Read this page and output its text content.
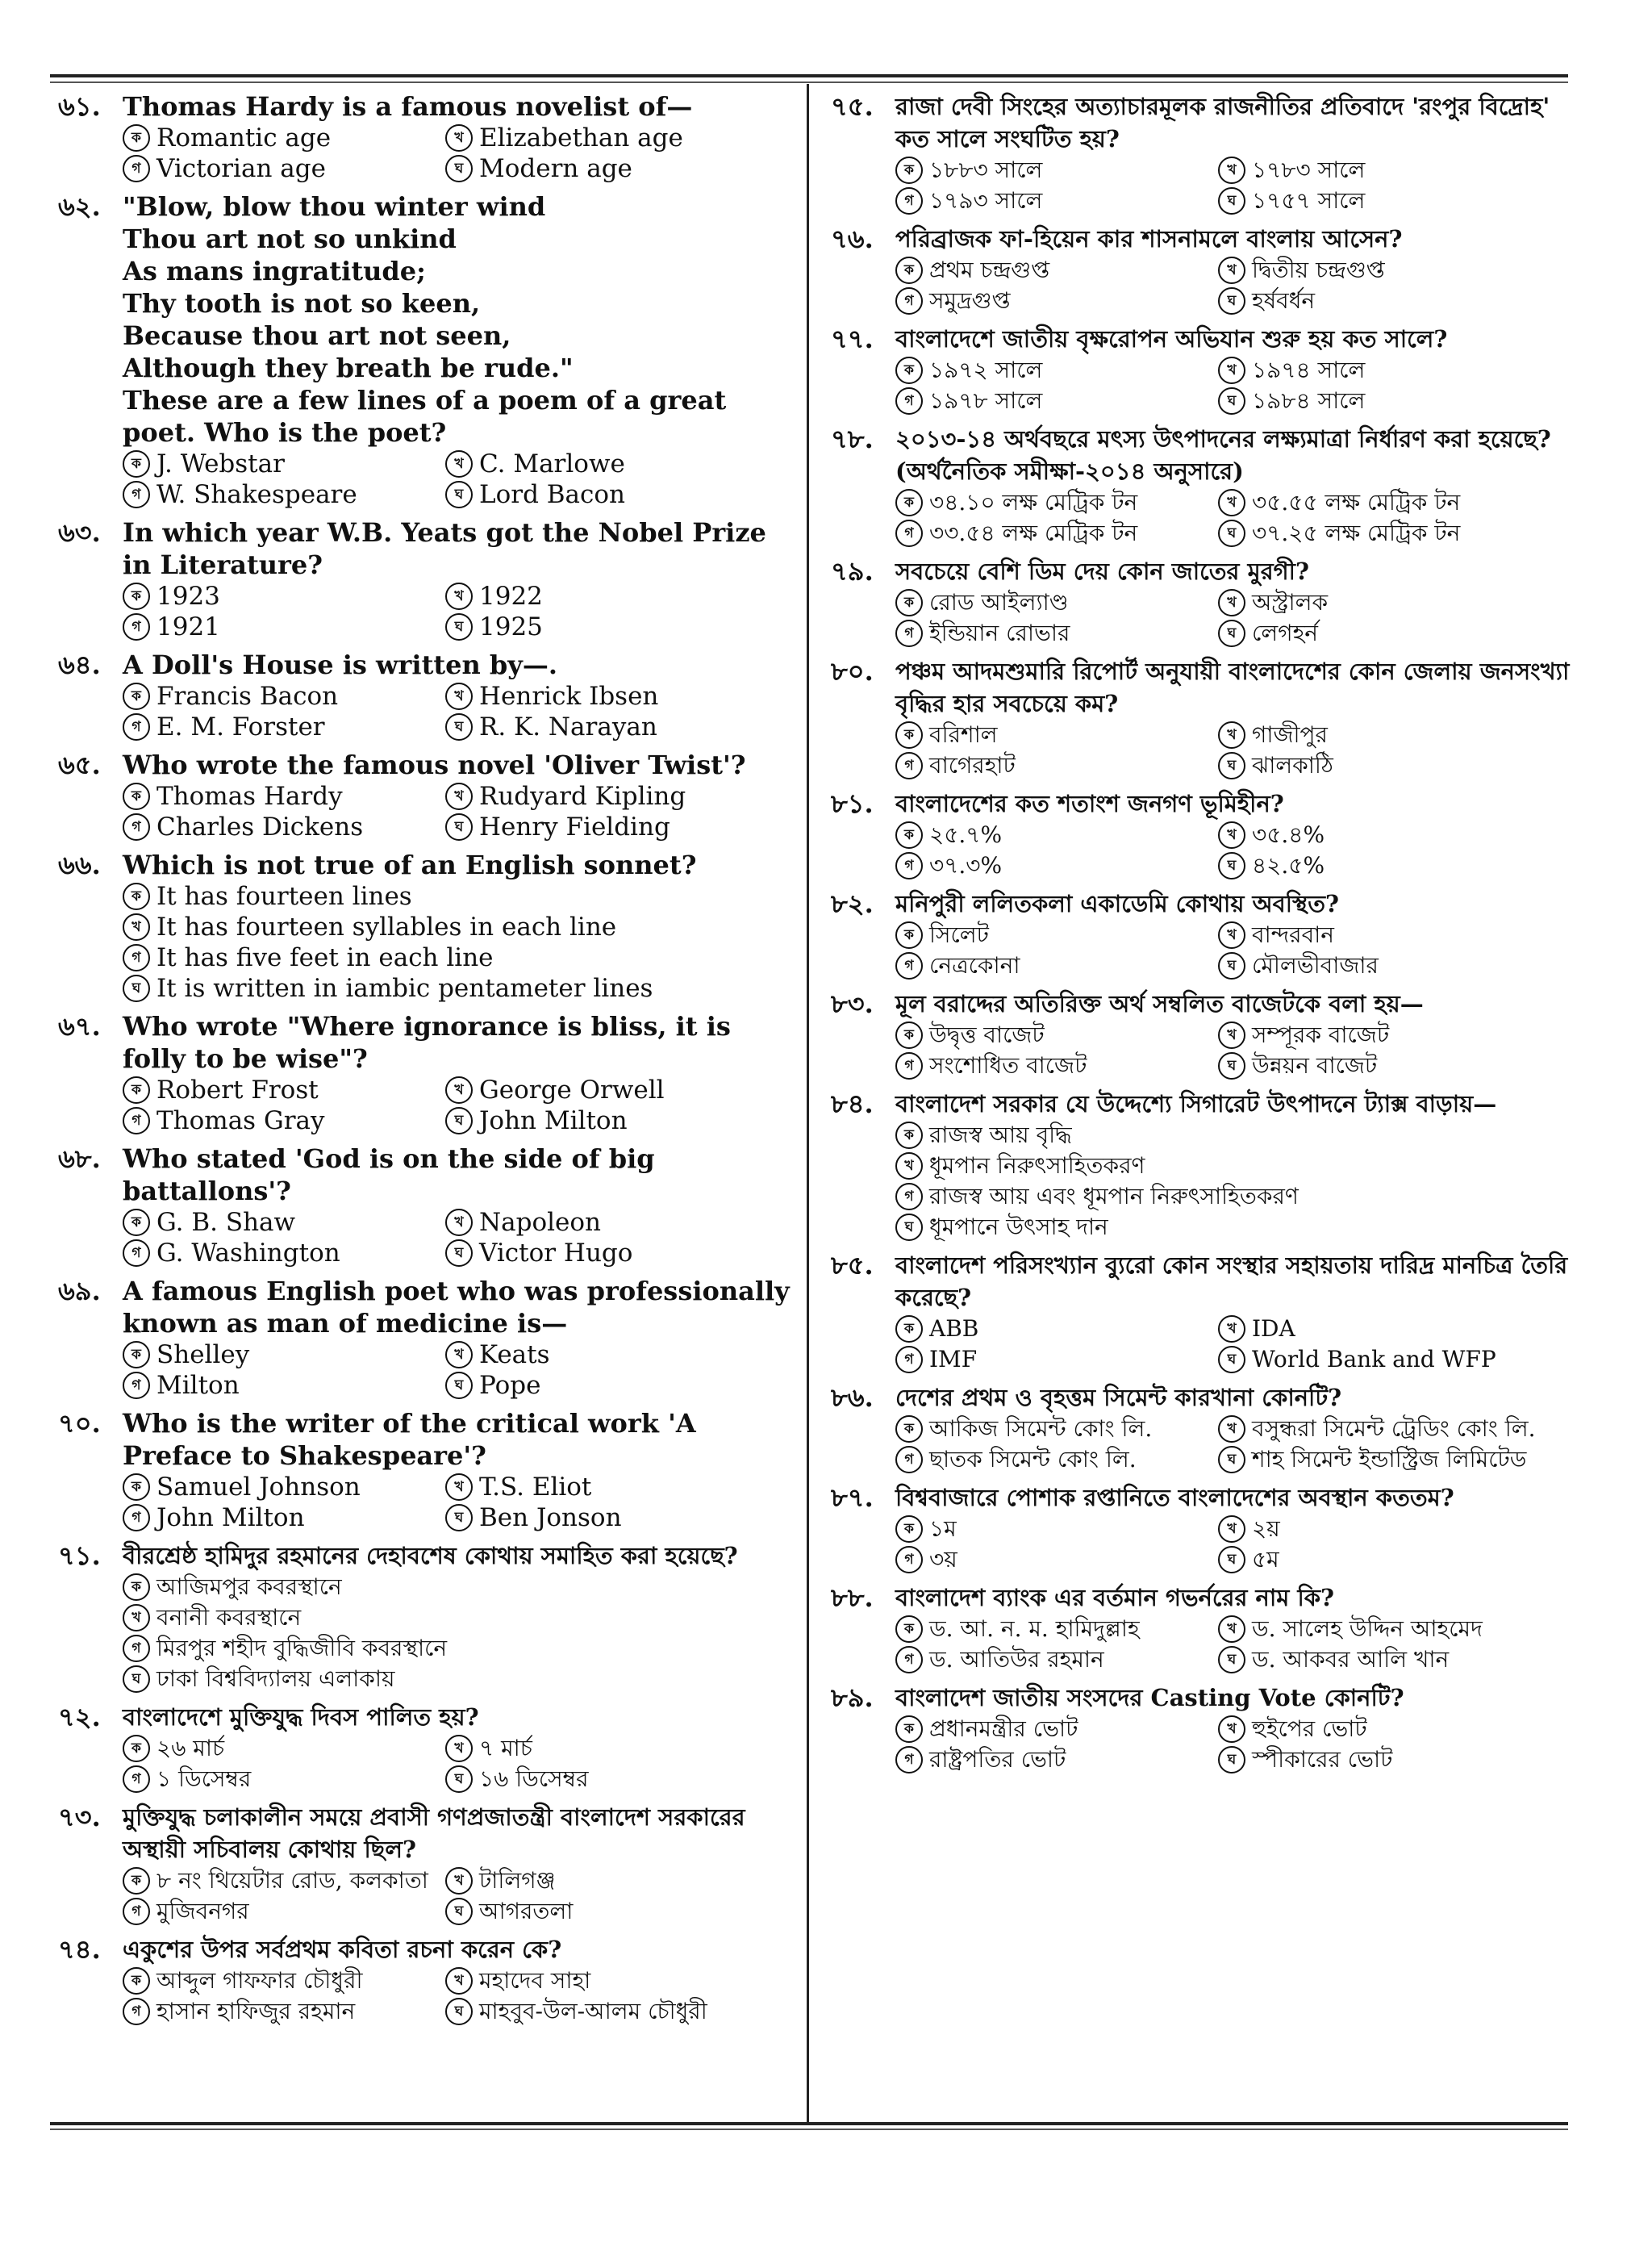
৬১. Thomas Hardy is a famous novelist of—
ক Romantic age	খ Elizabethan age
গ Victorian age	ঘ Modern age
৬২. "Blow, blow thou winter wind
Thou art not so unkind
As mans ingratitude;
Thy tooth is not so keen,
Because thou art not seen,
Although they breath be rude."
These are a few lines of a poem of a great poet. Who is the poet?
ক J. Webstar	খ C. Marlowe
গ W. Shakespeare	ঘ Lord Bacon
৬৩. In which year W.B. Yeats got the Nobel Prize in Literature?
ক 1923	খ 1922
গ 1921	ঘ 1925
৬৪. A Doll's House is written by—.
ক Francis Bacon	খ Henrick Ibsen
গ E. M. Forster	ঘ R. K. Narayan
৬৫. Who wrote the famous novel 'Oliver Twist'?
ক Thomas Hardy	খ Rudyard Kipling
গ Charles Dickens	ঘ Henry Fielding
৬৬. Which is not true of an English sonnet?
ক It has fourteen lines
খ It has fourteen syllables in each line
গ It has five feet in each line
ঘ It is written in iambic pentameter lines
৬৭. Who wrote "Where ignorance is bliss, it is folly to be wise"?
ক Robert Frost	খ George Orwell
গ Thomas Gray	ঘ John Milton
৬৮. Who stated 'God is on the side of big battallons'?
ক G. B. Shaw	খ Napoleon
গ G. Washington	ঘ Victor Hugo
৬৯. A famous English poet who was professionally known as man of medicine is—
ক Shelley	খ Keats
গ Milton	ঘ Pope
৭০. Who is the writer of the critical work 'A Preface to Shakespeare'?
ক Samuel Johnson	খ T.S. Eliot
গ John Milton	ঘ Ben Jonson
৭১. বীরশ্রেষ্ঠ হামিদুর রহমানের দেহাবশেষ কোথায় সমাহিত করা হয়েছে?
ক আজিমপুর কবরস্থানে
খ বনানী কবরস্থানে
গ মিরপুর শহীদ বুদ্ধিজীবি কবরস্থানে
ঘ ঢাকা বিশ্ববিদ্যালয় এলাকায়
৭২. বাংলাদেশে মুক্তিযুদ্ধ দিবস পালিত হয়?
ক ২৬ মার্চ	খ ৭ মার্চ
গ ১ ডিসেম্বর	ঘ ১৬ ডিসেম্বর
৭৩. মুক্তিযুদ্ধ চলাকালীন সময়ে প্রবাসী গণপ্রজাতন্ত্রী বাংলাদেশ সরকারের অস্থায়ী সচিবালয় কোথায় ছিল?
ক ৮ নং থিয়েটার রোড, কলকাতা	খ টালিগঞ্জ
গ মুজিবনগর	ঘ আগরতলা
৭৪. একুশের উপর সর্বপ্রথম কবিতা রচনা করেন কে?
ক আব্দুল গাফফার চৌধুরী	খ মহাদেব সাহা
গ হাসান হাফিজুর রহমান	ঘ মাহবুব-উল-আলম চৌধুরী
৭৫. রাজা দেবী সিংহের অত্যাচারমূলক রাজনীতির প্রতিবাদে 'রংপুর বিদ্রোহ' কত সালে সংঘটিত হয়?
ক ১৮৮৩ সালে	খ ১৭৮৩ সালে
গ ১৭৯৩ সালে	ঘ ১৭৫৭ সালে
৭৬. পরিব্রাজক ফা-হিয়েন কার শাসনামলে বাংলায় আসেন?
ক প্রথম চন্দ্রগুপ্ত	খ দ্বিতীয় চন্দ্রগুপ্ত
গ সমুদ্রগুপ্ত	ঘ হর্ষবর্ধন
৭৭. বাংলাদেশে জাতীয় বৃক্ষরোপন অভিযান শুরু হয় কত সালে?
ক ১৯৭২ সালে	খ ১৯৭৪ সালে
গ ১৯৭৮ সালে	ঘ ১৯৮৪ সালে
৭৮. ২০১৩-১৪ অর্থবছরে মৎস্য উৎপাদনের লক্ষ্যমাত্রা নির্ধারণ করা হয়েছে? (অর্থনৈতিক সমীক্ষা-২০১৪ অনুসারে)
ক ৩৪.১০ লক্ষ মেট্রিক টন	খ ৩৫.৫৫ লক্ষ মেট্রিক টন
গ ৩৩.৫৪ লক্ষ মেট্রিক টন	ঘ ৩৭.২৫ লক্ষ মেট্রিক টন
৭৯. সবচেয়ে বেশি ডিম দেয় কোন জাতের মুরগী?
ক রোড আইল্যাণ্ড	খ অস্ট্রালক
গ ইন্ডিয়ান রোভার	ঘ লেগহর্ন
৮০. পঞ্চম আদমশুমারি রিপোর্ট অনুযায়ী বাংলাদেশের কোন জেলায় জনসংখ্যা বৃদ্ধির হার সবচেয়ে কম?
ক বরিশাল	খ গাজীপুর
গ বাগেরহাট	ঘ ঝালকাঠি
৮১. বাংলাদেশের কত শতাংশ জনগণ ভূমিহীন?
ক ২৫.৭%	খ ৩৫.৪%
গ ৩৭.৩%	ঘ ৪২.৫%
৮২. মনিপুরী ললিতকলা একাডেমি কোথায় অবস্থিত?
ক সিলেট	খ বান্দরবান
গ নেত্রকোনা	ঘ মৌলভীবাজার
৮৩. মূল বরাদ্দের অতিরিক্ত অর্থ সম্বলিত বাজেটকে বলা হয়—
ক উদ্বৃত্ত বাজেট	খ সম্পূরক বাজেট
গ সংশোধিত বাজেট	ঘ উন্নয়ন বাজেট
৮৪. বাংলাদেশ সরকার যে উদ্দেশ্যে সিগারেট উৎপাদনে ট্যাক্স বাড়ায়—
ক রাজস্ব আয় বৃদ্ধি
খ ধূমপান নিরুৎসাহিতকরণ
গ রাজস্ব আয় এবং ধূমপান নিরুৎসাহিতকরণ
ঘ ধূমপানে উৎসাহ দান
৮৫. বাংলাদেশ পরিসংখ্যান ব্যুরো কোন সংস্থার সহায়তায় দারিদ্র মানচিত্র তৈরি করেছে?
ক ABB	খ IDA
গ IMF	ঘ World Bank and WFP
৮৬. দেশের প্রথম ও বৃহত্তম সিমেন্ট কারখানা কোনটি?
ক আকিজ সিমেন্ট কোং লি.	খ বসুন্ধরা সিমেন্ট ট্রেডিং কোং লি.
গ ছাতক সিমেন্ট কোং লি.	ঘ শাহ সিমেন্ট ইন্ডাস্ট্রিজ লিমিটেড
৮৭. বিশ্ববাজারে পোশাক রপ্তানিতে বাংলাদেশের অবস্থান কততম?
ক ১ম	খ ২য়
গ ৩য়	ঘ ৫ম
৮৮. বাংলাদেশ ব্যাংক এর বর্তমান গভর্নরের নাম কি?
ক ড. আ. ন. ম. হামিদুল্লাহ	খ ড. সালেহ উদ্দিন আহমেদ
গ ড. আতিউর রহমান	ঘ ড. আকবর আলি খান
৮৯. বাংলাদেশ জাতীয় সংসদের Casting Vote কোনটি?
ক প্রধানমন্ত্রীর ভোট	খ হুইপের ভোট
গ রাষ্ট্রপতির ভোট	ঘ স্পীকারের ভোট
